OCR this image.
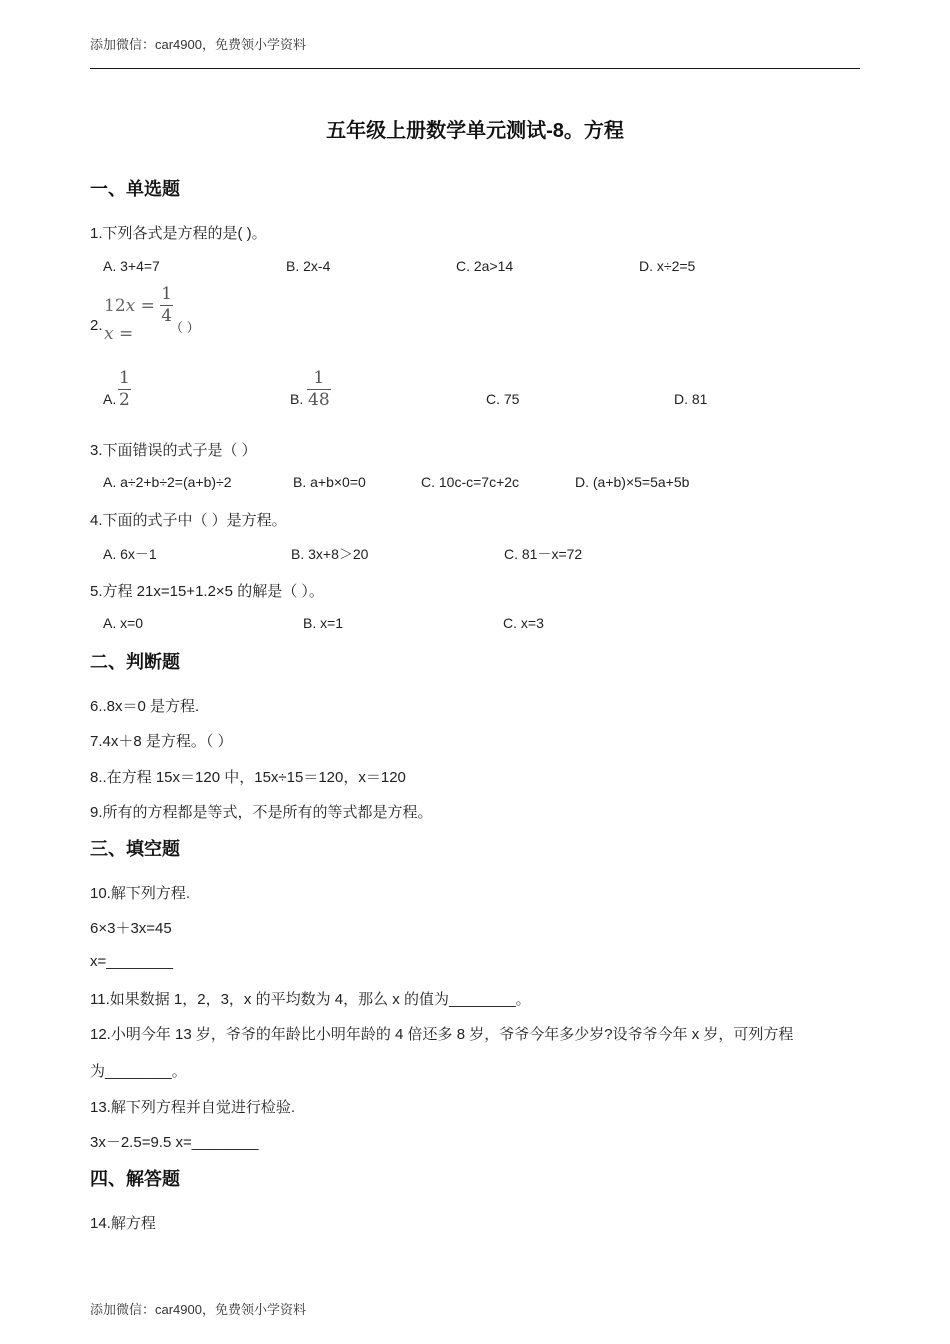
添加微信：car4900，免费领小学资料
五年级上册数学单元测试-8。方程
一、单选题
1.下列各式是方程的是( )。
A. 3+4=7	B. 2x-4	C. 2a>14	D. x÷2=5
$12x = \frac{1}{4}$
2. x =	（ ）
A. $\frac{1}{2}$	B. $\frac{1}{48}$	C. 75	D. 81
3.下面错误的式子是（ ）
A. a÷2+b÷2=(a+b)÷2	B. a+b×0=0	C. 10c-c=7c+2c	D. (a+b)×5=5a+5b
4.下面的式子中（ ）是方程。
A. 6x－1	B. 3x+8＞20	C. 81－x=72
5.方程 21x=15+1.2×5 的解是（ ）。
A. x=0	B. x=1	C. x=3
二、判断题
6..8x＝0 是方程.
7.4x＋8 是方程。（ ）
8..在方程 15x＝120 中，15x÷15＝120，x＝120
9.所有的方程都是等式，不是所有的等式都是方程。
三、填空题
10.解下列方程.
6×3＋3x=45
x=________
11.如果数据 1，2，3，x 的平均数为 4，那么 x 的值为________。
12.小明今年 13 岁，爷爷的年龄比小明年龄的 4 倍还多 8 岁，爷爷今年多少岁?设爷爷今年 x 岁，可列方程
为________。
13.解下列方程并自觉进行检验.
3x－2.5=9.5 x=________
四、解答题
14.解方程
添加微信：car4900，免费领小学资料
